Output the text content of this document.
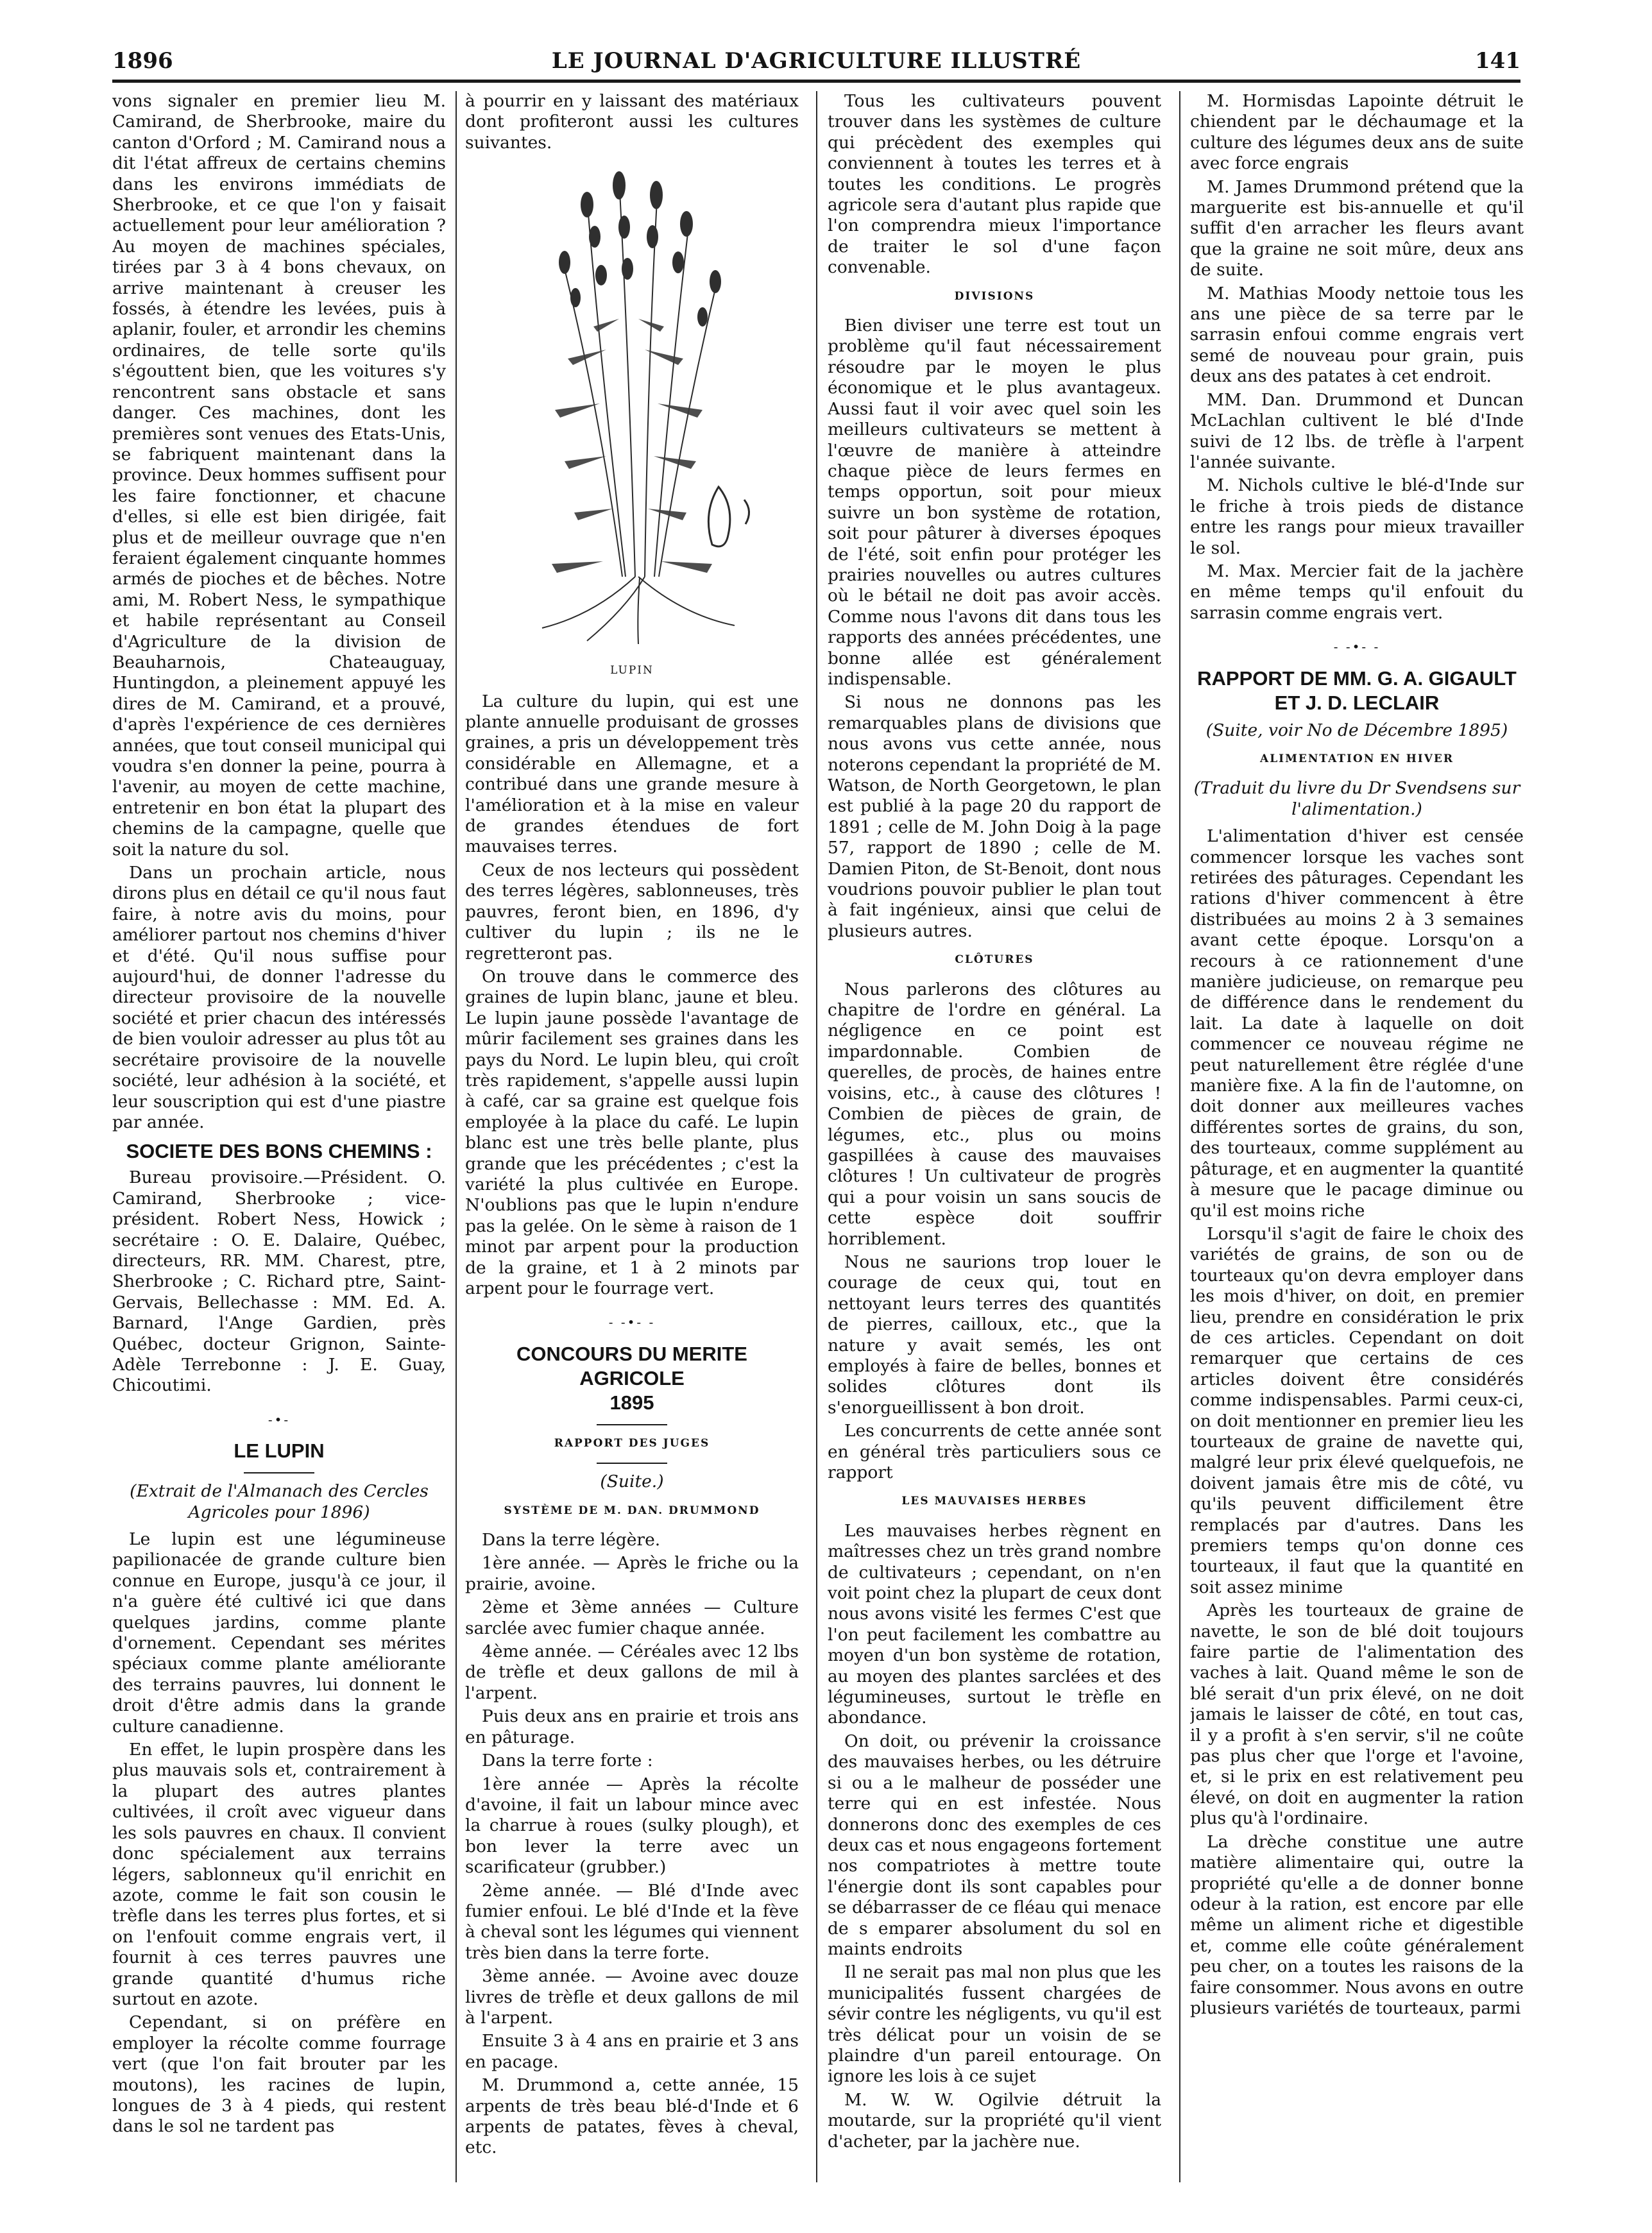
1896	LE JOURNAL D'AGRICULTURE ILLUSTRÉ	141

vons signaler en premier lieu M. Camirand, de Sherbrooke, maire du canton d'Orford ; M. Camirand nous a dit l'état affreux de certains chemins dans les environs immédiats de Sherbrooke, et ce que l'on y faisait actuellement pour leur amélioration ? Au moyen de machines spéciales, tirées par 3 à 4 bons chevaux, on arrive maintenant à creuser les fossés, à étendre les levées, puis à aplanir, fouler, et arrondir les chemins ordinaires, de telle sorte qu'ils s'égouttent bien, que les voitures s'y rencontrent sans obstacle et sans danger. Ces machines, dont les premières sont venues des Etats-Unis, se fabriquent maintenant dans la province. Deux hommes suffisent pour les faire fonctionner, et chacune d'elles, si elle est bien dirigée, fait plus et de meilleur ouvrage que n'en feraient également cinquante hommes armés de pioches et de bêches. Notre ami, M. Robert Ness, le sympathique et habile représentant au Conseil d'Agriculture de la division de Beauharnois, Chateauguay, Huntingdon, a pleinement appuyé les dires de M. Camirand, et a prouvé, d'après l'expérience de ces dernières années, que tout conseil municipal qui voudra s'en donner la peine, pourra à l'avenir, au moyen de cette machine, entretenir en bon état la plupart des chemins de la campagne, quelle que soit la nature du sol.

Dans un prochain article, nous dirons plus en détail ce qu'il nous faut faire, à notre avis du moins, pour améliorer partout nos chemins d'hiver et d'été. Qu'il nous suffise pour aujourd'hui, de donner l'adresse du directeur provisoire de la nouvelle société et prier chacun des intéressés de bien vouloir adresser au plus tôt au secrétaire provisoire de la nouvelle société, leur adhésion à la société, et leur souscription qui est d'une piastre par année.

SOCIETE DES BONS CHEMINS :

Bureau provisoire.—Président. O. Camirand, Sherbrooke ; vice-président. Robert Ness, Howick ; secrétaire : O. E. Dalaire, Québec, directeurs, RR. MM. Charest, ptre, Sherbrooke ; C. Richard ptre, Saint-Gervais, Bellechasse : MM. Ed. A. Barnard, l'Ange Gardien, près Québec, docteur Grignon, Sainte-Adèle Terrebonne : J. E. Guay, Chicoutimi.

-•-
LE LUPIN
(Extrait de l'Almanach des Cercles Agricoles pour 1896)

Le lupin est une légumineuse papilionacée de grande culture bien connue en Europe, jusqu'à ce jour, il n'a guère été cultivé ici que dans quelques jardins, comme plante d'ornement. Cependant ses mérites spéciaux comme plante améliorante des terrains pauvres, lui donnent le droit d'être admis dans la grande culture canadienne.

En effet, le lupin prospère dans les plus mauvais sols et, contrairement à la plupart des autres plantes cultivées, il croît avec vigueur dans les sols pauvres en chaux. Il convient donc spécialement aux terrains légers, sablonneux qu'il enrichit en azote, comme le fait son cousin le trèfle dans les terres plus fortes, et si on l'enfouit comme engrais vert, il fournit à ces terres pauvres une grande quantité d'humus riche surtout en azote.

Cependant, si on préfère en employer la récolte comme fourrage vert (que l'on fait brouter par les moutons), les racines de lupin, longues de 3 à 4 pieds, qui restent dans le sol ne tardent pas

à pourrir en y laissant des matériaux dont profiteront aussi les cultures suivantes.

LUPIN

La culture du lupin, qui est une plante annuelle produisant de grosses graines, a pris un développement très considérable en Allemagne, et a contribué dans une grande mesure à l'amélioration et à la mise en valeur de grandes étendues de fort mauvaises terres.

Ceux de nos lecteurs qui possèdent des terres légères, sablonneuses, très pauvres, feront bien, en 1896, d'y cultiver du lupin ; ils ne le regretteront pas.

On trouve dans le commerce des graines de lupin blanc, jaune et bleu. Le lupin jaune possède l'avantage de mûrir facilement ses graines dans les pays du Nord. Le lupin bleu, qui croît très rapidement, s'appelle aussi lupin à café, car sa graine est quelque fois employée à la place du café. Le lupin blanc est une très belle plante, plus grande que les précédentes ; c'est la variété la plus cultivée en Europe. N'oublions pas que le lupin n'endure pas la gelée. On le sème à raison de 1 minot par arpent pour la production de la graine, et 1 à 2 minots par arpent pour le fourrage vert.

- -•- -
CONCOURS DU MERITE AGRICOLE
1895
RAPPORT DES JUGES
(Suite.)
SYSTÈME DE M. DAN. DRUMMOND

Dans la terre légère.

1ère année. — Après le friche ou la prairie, avoine.

2ème et 3ème années — Culture sarclée avec fumier chaque année.

4ème année. — Céréales avec 12 lbs de trèfle et deux gallons de mil à l'arpent.

Puis deux ans en prairie et trois ans en pâturage.

Dans la terre forte :

1ère année — Après la récolte d'avoine, il fait un labour mince avec la charrue à roues (sulky plough), et bon lever la terre avec un scarificateur (grubber.)

2ème année. — Blé d'Inde avec fumier enfoui. Le blé d'Inde et la fève à cheval sont les légumes qui viennent très bien dans la terre forte.

3ème année. — Avoine avec douze livres de trèfle et deux gallons de mil à l'arpent.

Ensuite 3 à 4 ans en prairie et 3 ans en pacage.

M. Drummond a, cette année, 15 arpents de très beau blé-d'Inde et 6 arpents de patates, fèves à cheval, etc.

Tous les cultivateurs pouvent trouver dans les systèmes de culture qui précèdent des exemples qui conviennent à toutes les terres et à toutes les conditions. Le progrès agricole sera d'autant plus rapide que l'on comprendra mieux l'importance de traiter le sol d'une façon convenable.

DIVISIONS

Bien diviser une terre est tout un problème qu'il faut nécessairement résoudre par le moyen le plus économique et le plus avantageux. Aussi faut il voir avec quel soin les meilleurs cultivateurs se mettent à l'œuvre de manière à atteindre chaque pièce de leurs fermes en temps opportun, soit pour mieux suivre un bon système de rotation, soit pour pâturer à diverses époques de l'été, soit enfin pour protéger les prairies nouvelles ou autres cultures où le bétail ne doit pas avoir accès. Comme nous l'avons dit dans tous les rapports des années précédentes, une bonne allée est généralement indispensable.

Si nous ne donnons pas les remarquables plans de divisions que nous avons vus cette année, nous noterons cependant la propriété de M. Watson, de North Georgetown, le plan est publié à la page 20 du rapport de 1891 ; celle de M. John Doig à la page 57, rapport de 1890 ; celle de M. Damien Piton, de St-Benoit, dont nous voudrions pouvoir publier le plan tout à fait ingénieux, ainsi que celui de plusieurs autres.

CLÔTURES

Nous parlerons des clôtures au chapitre de l'ordre en général. La négligence en ce point est impardonnable. Combien de querelles, de procès, de haines entre voisins, etc., à cause des clôtures ! Combien de pièces de grain, de légumes, etc., plus ou moins gaspillées à cause des mauvaises clôtures ! Un cultivateur de progrès qui a pour voisin un sans soucis de cette espèce doit souffrir horriblement.

Nous ne saurions trop louer le courage de ceux qui, tout en nettoyant leurs terres des quantités de pierres, cailloux, etc., que la nature y avait semés, les ont employés à faire de belles, bonnes et solides clôtures dont ils s'enorgueillissent à bon droit.

Les concurrents de cette année sont en général très particuliers sous ce rapport

LES MAUVAISES HERBES

Les mauvaises herbes règnent en maîtresses chez un très grand nombre de cultivateurs ; cependant, on n'en voit point chez la plupart de ceux dont nous avons visité les fermes C'est que l'on peut facilement les combattre au moyen d'un bon système de rotation, au moyen des plantes sarclées et des légumineuses, surtout le trèfle en abondance.

On doit, ou prévenir la croissance des mauvaises herbes, ou les détruire si ou a le malheur de posséder une terre qui en est infestée. Nous donnerons donc des exemples de ces deux cas et nous engageons fortement nos compatriotes à mettre toute l'énergie dont ils sont capables pour se débarrasser de ce fléau qui menace de s emparer absolument du sol en maints endroits

Il ne serait pas mal non plus que les municipalités fussent chargées de sévir contre les négligents, vu qu'il est très délicat pour un voisin de se plaindre d'un pareil entourage. On ignore les lois à ce sujet

M. W. W. Ogilvie détruit la moutarde, sur la propriété qu'il vient d'acheter, par la jachère nue.

M. Hormisdas Lapointe détruit le chiendent par le déchaumage et la culture des légumes deux ans de suite avec force engrais

M. James Drummond prétend que la marguerite est bis-annuelle et qu'il suffit d'en arracher les fleurs avant que la graine ne soit mûre, deux ans de suite.

M. Mathias Moody nettoie tous les ans une pièce de sa terre par le sarrasin enfoui comme engrais vert semé de nouveau pour grain, puis deux ans des patates à cet endroit.

MM. Dan. Drummond et Duncan McLachlan cultivent le blé d'Inde suivi de 12 lbs. de trèfle à l'arpent l'année suivante.

M. Nichols cultive le blé-d'Inde sur le friche à trois pieds de distance entre les rangs pour mieux travailler le sol.

M. Max. Mercier fait de la jachère en même temps qu'il enfouit du sarrasin comme engrais vert.

- -•- -
RAPPORT DE MM. G. A. GIGAULT
ET J. D. LECLAIR
(Suite, voir No de Décembre 1895)
ALIMENTATION EN HIVER
(Traduit du livre du Dr Svendsens sur l'alimentation.)

L'alimentation d'hiver est censée commencer lorsque les vaches sont retirées des pâturages. Cependant les rations d'hiver commencent à être distribuées au moins 2 à 3 semaines avant cette époque. Lorsqu'on a recours à ce rationnement d'une manière judicieuse, on remarque peu de différence dans le rendement du lait. La date à laquelle on doit commencer ce nouveau régime ne peut naturellement être réglée d'une manière fixe. A la fin de l'automne, on doit donner aux meilleures vaches différentes sortes de grains, du son, des tourteaux, comme supplément au pâturage, et en augmenter la quantité à mesure que le pacage diminue ou qu'il est moins riche

Lorsqu'il s'agit de faire le choix des variétés de grains, de son ou de tourteaux qu'on devra employer dans les mois d'hiver, on doit, en premier lieu, prendre en considération le prix de ces articles. Cependant on doit remarquer que certains de ces articles doivent être considérés comme indispensables. Parmi ceux-ci, on doit mentionner en premier lieu les tourteaux de graine de navette qui, malgré leur prix élevé quelquefois, ne doivent jamais être mis de côté, vu qu'ils peuvent difficilement être remplacés par d'autres. Dans les premiers temps qu'on donne ces tourteaux, il faut que la quantité en soit assez minime

Après les tourteaux de graine de navette, le son de blé doit toujours faire partie de l'alimentation des vaches à lait. Quand même le son de blé serait d'un prix élevé, on ne doit jamais le laisser de côté, en tout cas, il y a profit à s'en servir, s'il ne coûte pas plus cher que l'orge et l'avoine, et, si le prix en est relativement peu élevé, on doit en augmenter la ration plus qu'à l'ordinaire.

La drèche constitue une autre matière alimentaire qui, outre la propriété qu'elle a de donner bonne odeur à la ration, est encore par elle même un aliment riche et digestible et, comme elle coûte généralement peu cher, on a toutes les raisons de la faire consommer. Nous avons en outre plusieurs variétés de tourteaux, parmi
